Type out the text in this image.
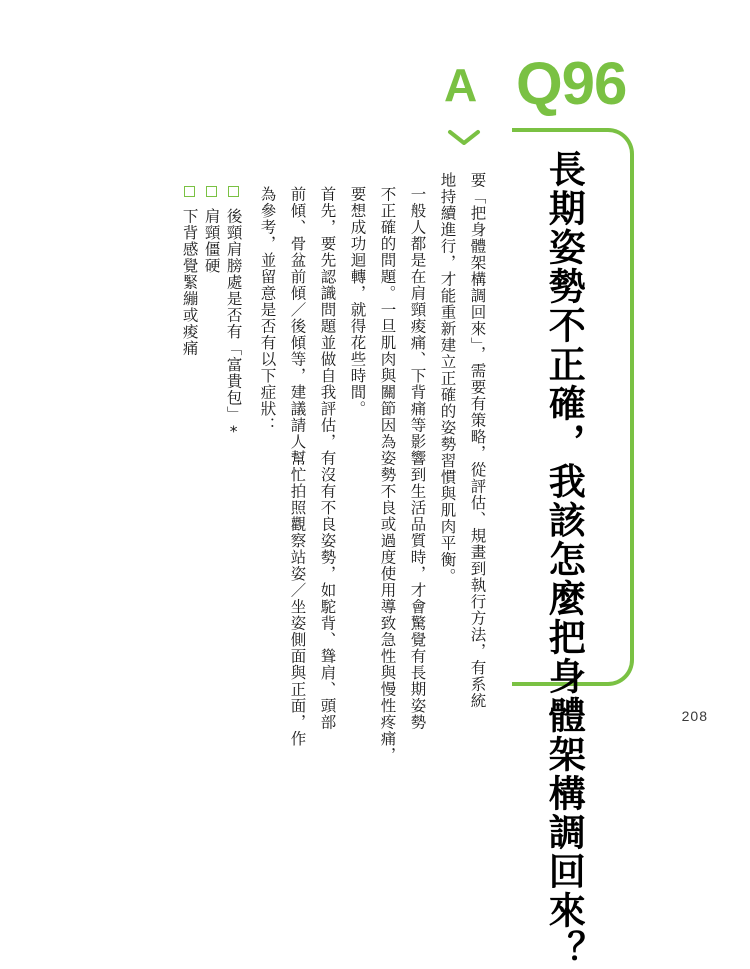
Q96
長期姿勢不正確，我該怎麼把身體架構調回來？
A
要「把身體架構調回來」，需要有策略，從評估、規畫到執行方法，有系統
地持續進行，才能重新建立正確的姿勢習慣與肌肉平衡。
一般人都是在肩頸痠痛、下背痛等影響到生活品質時，才會驚覺有長期姿勢
不正確的問題。一旦肌肉與關節因為姿勢不良或過度使用導致急性與慢性疼痛，
要想成功迴轉，就得花些時間。
首先，要先認識問題並做自我評估，有沒有不良姿勢，如駝背、聳肩、頭部
前傾、骨盆前傾／後傾等，建議請人幫忙拍照觀察站姿／坐姿側面與正面，作
為參考，並留意是否有以下症狀：
後頸肩膀處是否有「富貴包」*
肩頸僵硬
下背感覺緊繃或痠痛
208
